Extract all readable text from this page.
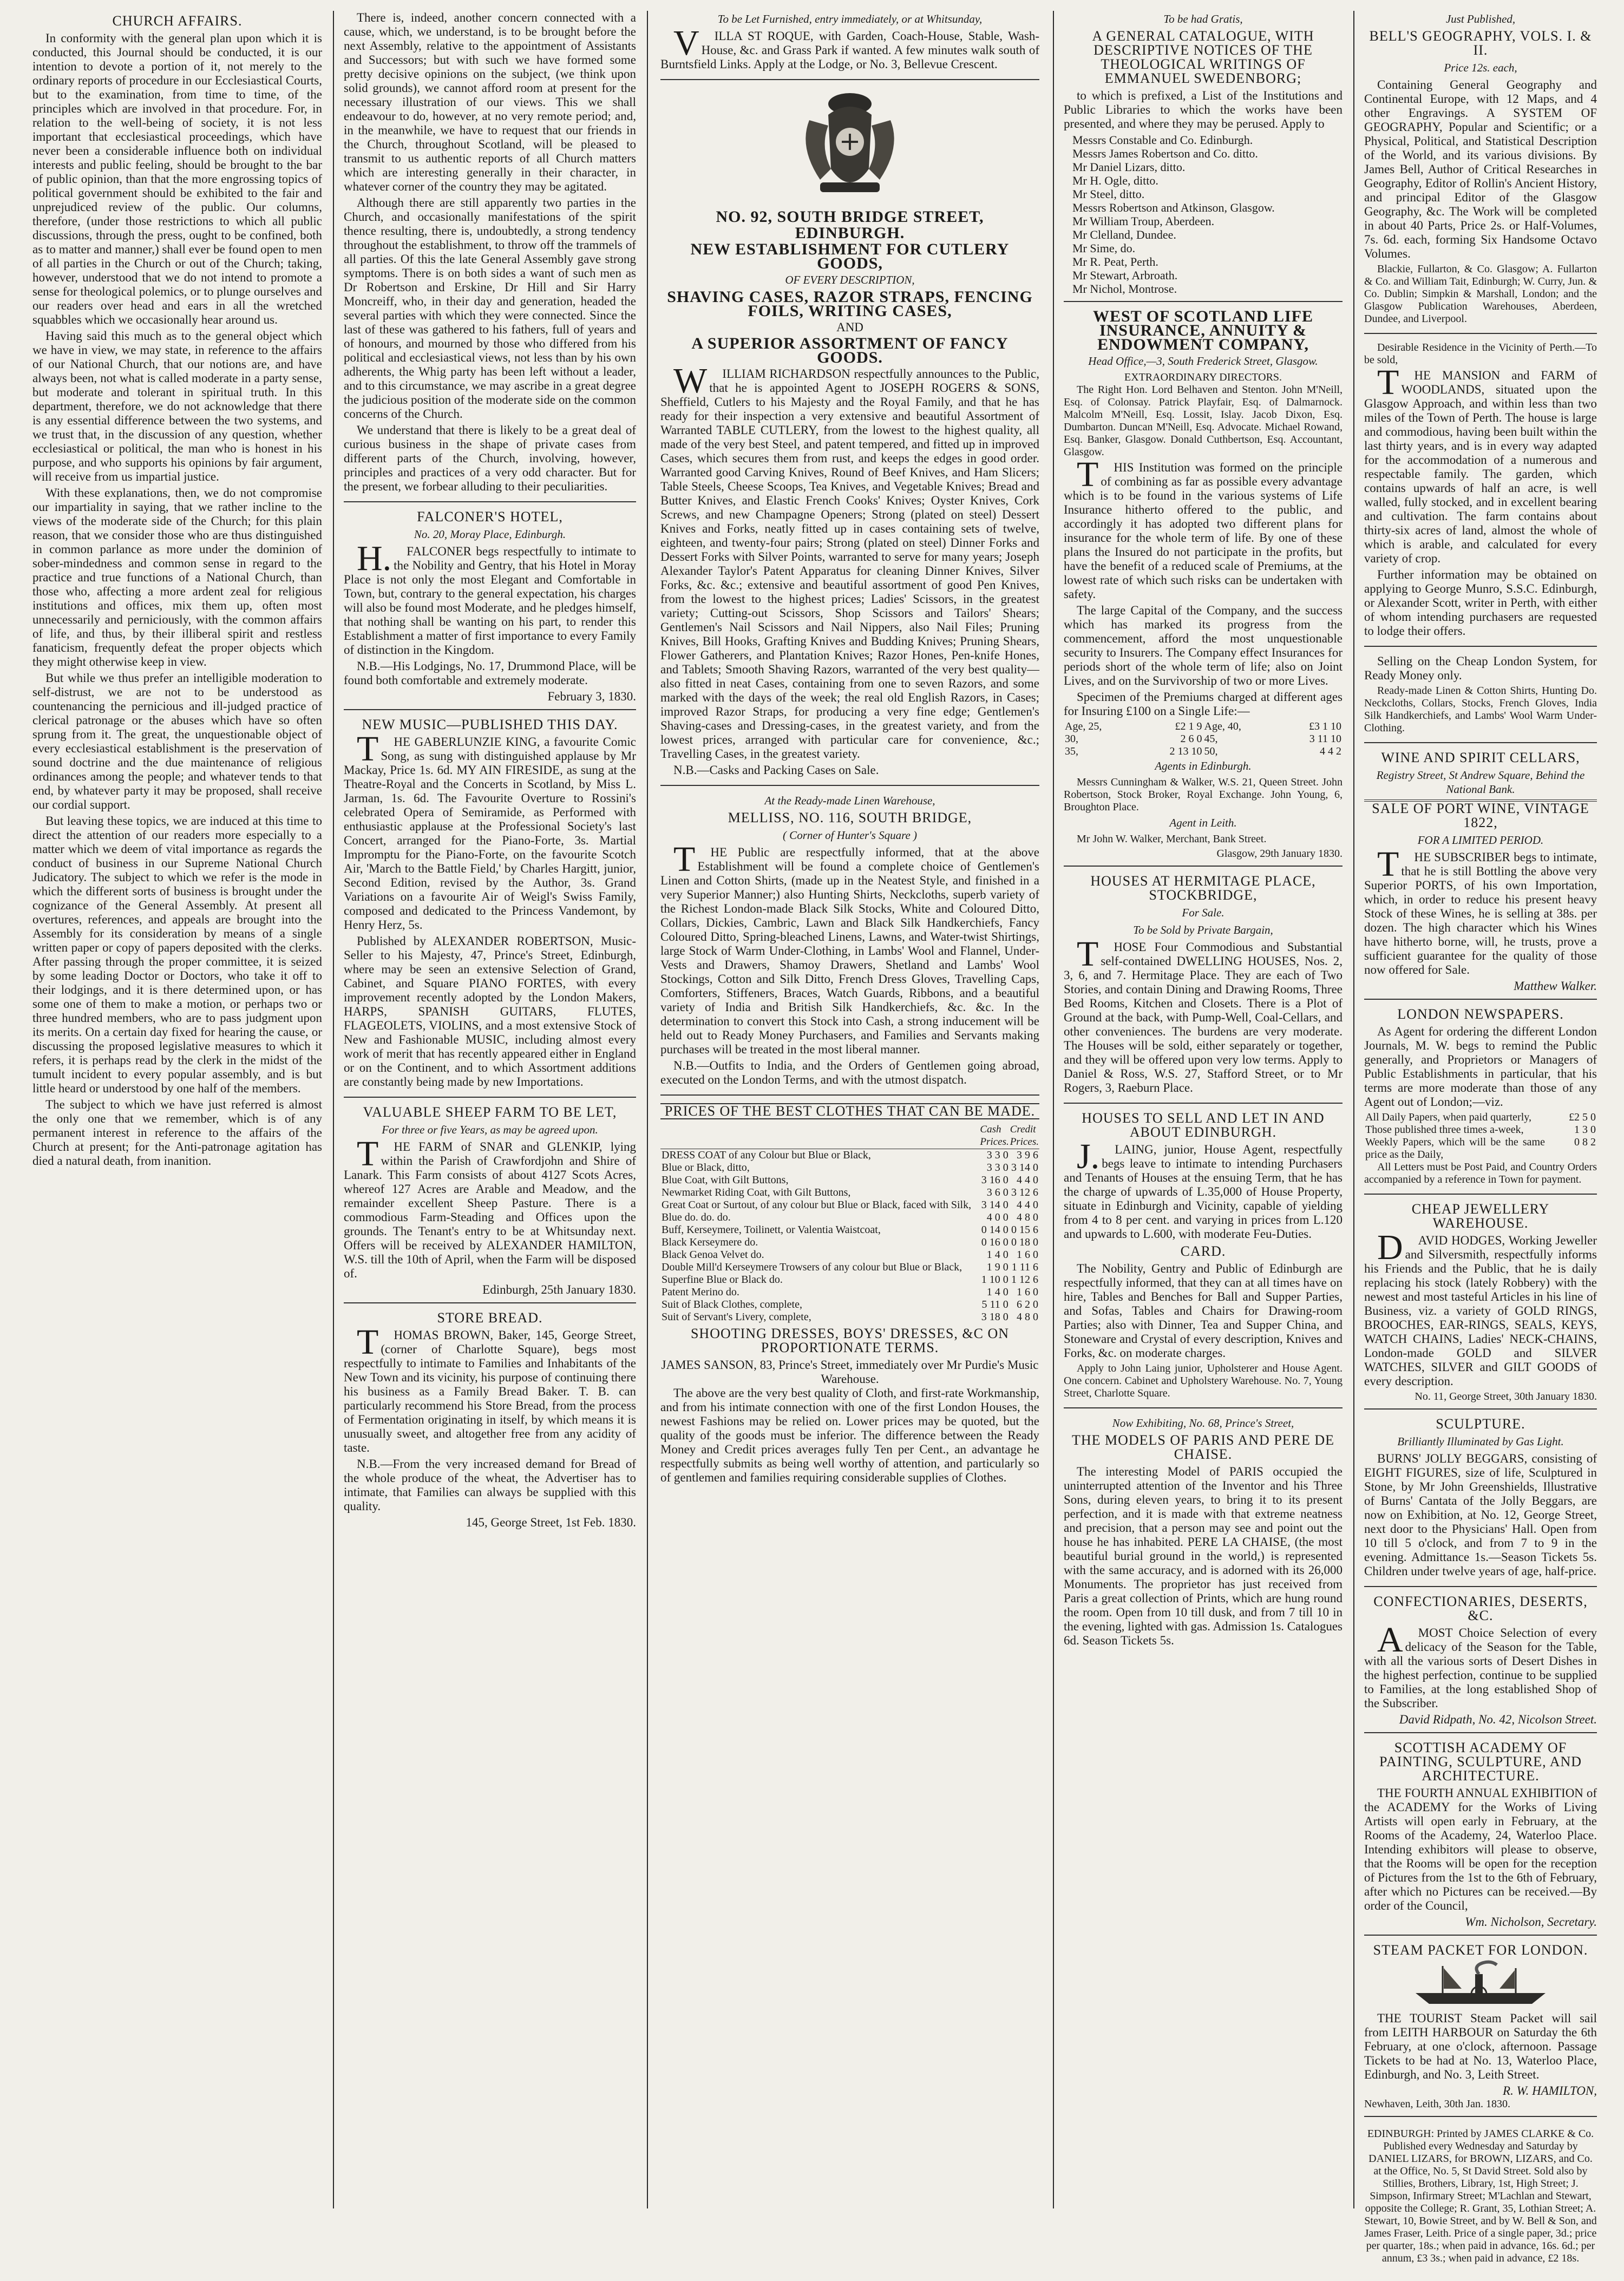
CHURCH AFFAIRS.

In conformity with the general plan upon which it is conducted, this Journal should be conducted, it is our intention to devote a portion of it, not merely to the ordinary reports of procedure in our Ecclesiastical Courts, but to the examination, from time to time, of the principles which are involved in that procedure. For, in relation to the well-being of society, it is not less important that ecclesiastical proceedings, which have never been a considerable influence both on individual interests and public feeling, should be brought to the bar of public opinion, than that the more engrossing topics of political government should be exhibited to the fair and unprejudiced review of the public. Our columns, therefore, (under those restrictions to which all public discussions, through the press, ought to be confined, both as to matter and manner,) shall ever be found open to men of all parties in the Church or out of the Church; taking, however, understood that we do not intend to promote a sense for theological polemics, or to plunge ourselves and our readers over head and ears in all the wretched squabbles which we occasionally hear around us.

Having said this much as to the general object which we have in view, we may state, in reference to the affairs of our National Church, that our notions are, and have always been, not what is called moderate in a party sense, but moderate and tolerant in spiritual truth. In this department, therefore, we do not acknowledge that there is any essential difference between the two systems, and we trust that, in the discussion of any question, whether ecclesiastical or political, the man who is honest in his purpose, and who supports his opinions by fair argument, will receive from us impartial justice.

With these explanations, then, we do not compromise our impartiality in saying, that we rather incline to the views of the moderate side of the Church; for this plain reason, that we consider those who are thus distinguished in common parlance as more under the dominion of sober-mindedness and common sense in regard to the practice and true functions of a National Church, than those who, affecting a more ardent zeal for religious institutions and offices, mix them up, often most unnecessarily and perniciously, with the common affairs of life, and thus, by their illiberal spirit and restless fanaticism, frequently defeat the proper objects which they might otherwise keep in view.

But while we thus prefer an intelligible moderation to self-distrust, we are not to be understood as countenancing the pernicious and ill-judged practice of clerical patronage or the abuses which have so often sprung from it. The great, the unquestionable object of every ecclesiastical establishment is the preservation of sound doctrine and the due maintenance of religious ordinances among the people; and whatever tends to that end, by whatever party it may be proposed, shall receive our cordial support.

But leaving these topics, we are induced at this time to direct the attention of our readers more especially to a matter which we deem of vital importance as regards the conduct of business in our Supreme National Church Judicatory. The subject to which we refer is the mode in which the different sorts of business is brought under the cognizance of the General Assembly. At present all overtures, references, and appeals are brought into the Assembly for its consideration by means of a single written paper or copy of papers deposited with the clerks. After passing through the proper committee, it is seized by some leading Doctor or Doctors, who take it off to their lodgings, and it is there determined upon, or has some one of them to make a motion, or perhaps two or three hundred members, who are to pass judgment upon its merits. On a certain day fixed for hearing the cause, or discussing the proposed legislative measures to which it refers, it is perhaps read by the clerk in the midst of the tumult incident to every popular assembly, and is but little heard or understood by one half of the members.

The subject to which we have just referred is almost the only one that we remember, which is of any permanent interest in reference to the affairs of the Church at present; for the Anti-patronage agitation has died a natural death, from inanition.

There is, indeed, another concern connected with a cause, which, we understand, is to be brought before the next Assembly, relative to the appointment of Assistants and Successors; but with such we have formed some pretty decisive opinions on the subject, (we think upon solid grounds), we cannot afford room at present for the necessary illustration of our views. This we shall endeavour to do, however, at no very remote period; and, in the meanwhile, we have to request that our friends in the Church, throughout Scotland, will be pleased to transmit to us authentic reports of all Church matters which are interesting generally in their character, in whatever corner of the country they may be agitated.

Although there are still apparently two parties in the Church, and occasionally manifestations of the spirit thence resulting, there is, undoubtedly, a strong tendency throughout the establishment, to throw off the trammels of all parties. Of this the late General Assembly gave strong symptoms. There is on both sides a want of such men as Dr Robertson and Erskine, Dr Hill and Sir Harry Moncreiff, who, in their day and generation, headed the several parties with which they were connected. Since the last of these was gathered to his fathers, full of years and of honours, and mourned by those who differed from his political and ecclesiastical views, not less than by his own adherents, the Whig party has been left without a leader, and to this circumstance, we may ascribe in a great degree the judicious position of the moderate side on the common concerns of the Church.

We understand that there is likely to be a great deal of curious business in the shape of private cases from different parts of the Church, involving, however, principles and practices of a very odd character. But for the present, we forbear alluding to their peculiarities.

FALCONER'S HOTEL,
No. 20, Moray Place, Edinburgh.

H.FALCONER begs respectfully to intimate to the Nobility and Gentry, that his Hotel in Moray Place is not only the most Elegant and Comfortable in Town, but, contrary to the general expectation, his charges will also be found most Moderate, and he pledges himself, that nothing shall be wanting on his part, to render this Establishment a matter of first importance to every Family of distinction in the Kingdom.

N.B.—His Lodgings, No. 17, Drummond Place, will be found both comfortable and extremely moderate.

February 3, 1830.
NEW MUSIC—PUBLISHED THIS DAY.

THE GABERLUNZIE KING, a favourite Comic Song, as sung with distinguished applause by Mr Mackay, Price 1s. 6d. MY AIN FIRESIDE, as sung at the Theatre-Royal and the Concerts in Scotland, by Miss L. Jarman, 1s. 6d. The Favourite Overture to Rossini's celebrated Opera of Semiramide, as Performed with enthusiastic applause at the Professional Society's last Concert, arranged for the Piano-Forte, 3s. Martial Impromptu for the Piano-Forte, on the favourite Scotch Air, 'March to the Battle Field,' by Charles Hargitt, junior, Second Edition, revised by the Author, 3s. Grand Variations on a favourite Air of Weigl's Swiss Family, composed and dedicated to the Princess Vandemont, by Henry Herz, 5s.

Published by ALEXANDER ROBERTSON, Music-Seller to his Majesty, 47, Prince's Street, Edinburgh, where may be seen an extensive Selection of Grand, Cabinet, and Square PIANO FORTES, with every improvement recently adopted by the London Makers, HARPS, SPANISH GUITARS, FLUTES, FLAGEOLETS, VIOLINS, and a most extensive Stock of New and Fashionable MUSIC, including almost every work of merit that has recently appeared either in England or on the Continent, and to which Assortment additions are constantly being made by new Importations.

VALUABLE SHEEP FARM TO BE LET,
For three or five Years, as may be agreed upon.

THE FARM of SNAR and GLENKIP, lying within the Parish of Crawfordjohn and Shire of Lanark. This Farm consists of about 4127 Scots Acres, whereof 127 Acres are Arable and Meadow, and the remainder excellent Sheep Pasture. There is a commodious Farm-Steading and Offices upon the grounds. The Tenant's entry to be at Whitsunday next. Offers will be received by ALEXANDER HAMILTON, W.S. till the 10th of April, when the Farm will be disposed of.

Edinburgh, 25th January 1830.
STORE BREAD.

THOMAS BROWN, Baker, 145, George Street, (corner of Charlotte Square), begs most respectfully to intimate to Families and Inhabitants of the New Town and its vicinity, his purpose of continuing there his business as a Family Bread Baker. T. B. can particularly recommend his Store Bread, from the process of Fermentation originating in itself, by which means it is unusually sweet, and altogether free from any acidity of taste.

N.B.—From the very increased demand for Bread of the whole produce of the wheat, the Advertiser has to intimate, that Families can always be supplied with this quality.

145, George Street, 1st Feb. 1830.
To be Let Furnished, entry immediately, or at Whitsunday,

VILLA ST ROQUE, with Garden, Coach-House, Stable, Wash-House, &c. and Grass Park if wanted. A few minutes walk south of Burntsfield Links. Apply at the Lodge, or No. 3, Bellevue Crescent.

NO. 92, SOUTH BRIDGE STREET,
EDINBURGH.
NEW ESTABLISHMENT FOR CUTLERY GOODS,
OF EVERY DESCRIPTION,
SHAVING CASES, RAZOR STRAPS, FENCING FOILS, WRITING CASES,
AND
A SUPERIOR ASSORTMENT OF FANCY GOODS.

WILLIAM RICHARDSON respectfully announces to the Public, that he is appointed Agent to JOSEPH ROGERS & SONS, Sheffield, Cutlers to his Majesty and the Royal Family, and that he has ready for their inspection a very extensive and beautiful Assortment of Warranted TABLE CUTLERY, from the lowest to the highest quality, all made of the very best Steel, and patent tempered, and fitted up in improved Cases, which secures them from rust, and keeps the edges in good order. Warranted good Carving Knives, Round of Beef Knives, and Ham Slicers; Table Steels, Cheese Scoops, Tea Knives, and Vegetable Knives; Bread and Butter Knives, and Elastic French Cooks' Knives; Oyster Knives, Cork Screws, and new Champagne Openers; Strong (plated on steel) Dessert Knives and Forks, neatly fitted up in cases containing sets of twelve, eighteen, and twenty-four pairs; Strong (plated on steel) Dinner Forks and Dessert Forks with Silver Points, warranted to serve for many years; Joseph Alexander Taylor's Patent Apparatus for cleaning Dinner Knives, Silver Forks, &c. &c.; extensive and beautiful assortment of good Pen Knives, from the lowest to the highest prices; Ladies' Scissors, in the greatest variety; Cutting-out Scissors, Shop Scissors and Tailors' Shears; Gentlemen's Nail Scissors and Nail Nippers, also Nail Files; Pruning Knives, Bill Hooks, Grafting Knives and Budding Knives; Pruning Shears, Flower Gatherers, and Plantation Knives; Razor Hones, Pen-knife Hones, and Tablets; Smooth Shaving Razors, warranted of the very best quality—also fitted in neat Cases, containing from one to seven Razors, and some marked with the days of the week; the real old English Razors, in Cases; improved Razor Straps, for producing a very fine edge; Gentlemen's Shaving-cases and Dressing-cases, in the greatest variety, and from the lowest prices, arranged with particular care for convenience, &c.; Travelling Cases, in the greatest variety.

N.B.—Casks and Packing Cases on Sale.

At the Ready-made Linen Warehouse,
MELLISS, NO. 116, SOUTH BRIDGE,
( Corner of Hunter's Square )

THE Public are respectfully informed, that at the above Establishment will be found a complete choice of Gentlemen's Linen and Cotton Shirts, (made up in the Neatest Style, and finished in a very Superior Manner;) also Hunting Shirts, Neckcloths, superb variety of the Richest London-made Black Silk Stocks, White and Coloured Ditto, Collars, Dickies, Cambric, Lawn and Black Silk Handkerchiefs, Fancy Coloured Ditto, Spring-bleached Linens, Lawns, and Water-twist Shirtings, large Stock of Warm Under-Clothing, in Lambs' Wool and Flannel, Under-Vests and Drawers, Shamoy Drawers, Shetland and Lambs' Wool Stockings, Cotton and Silk Ditto, French Dress Gloves, Travelling Caps, Comforters, Stiffeners, Braces, Watch Guards, Ribbons, and a beautiful variety of India and British Silk Handkerchiefs, &c. &c. In the determination to convert this Stock into Cash, a strong inducement will be held out to Ready Money Purchasers, and Families and Servants making purchases will be treated in the most liberal manner.

N.B.—Outfits to India, and the Orders of Gentlemen going abroad, executed on the London Terms, and with the utmost dispatch.

PRICES OF THE BEST CLOTHES THAT CAN BE MADE.
	Cash Prices.	Credit Prices.
DRESS COAT of any Colour but Blue or Black,	3 3 0	3 9 6
Blue or Black, ditto,	3 3 0	3 14 0
Blue Coat, with Gilt Buttons,	3 16 0	4 4 0
Newmarket Riding Coat, with Gilt Buttons,	3 6 0	3 12 6
Great Coat or Surtout, of any colour but Blue or Black, faced with Silk,	3 14 0	4 4 0
Blue do. do. do.	4 0 0	4 8 0
Buff, Kerseymere, Toilinett, or Valentia Waistcoat,	0 14 0	0 15 6
Black Kerseymere do.	0 16 0	0 18 0
Black Genoa Velvet do.	1 4 0	1 6 0
Double Mill'd Kerseymere Trowsers of any colour but Blue or Black,	1 9 0	1 11 6
Superfine Blue or Black do.	1 10 0	1 12 6
Patent Merino do.	1 4 0	1 6 0
Suit of Black Clothes, complete,	5 11 0	6 2 0
Suit of Servant's Livery, complete,	3 18 0	4 8 0
SHOOTING DRESSES, BOYS' DRESSES, &C ON PROPORTIONATE TERMS.
JAMES SANSON, 83, Prince's Street, immediately over Mr Purdie's Music Warehouse.

The above are the very best quality of Cloth, and first-rate Workmanship, and from his intimate connection with one of the first London Houses, the newest Fashions may be relied on. Lower prices may be quoted, but the quality of the goods must be inferior. The difference between the Ready Money and Credit prices averages fully Ten per Cent., an advantage he respectfully submits as being well worthy of attention, and particularly so of gentlemen and families requiring considerable supplies of Clothes.

To be had Gratis,
A GENERAL CATALOGUE, WITH DESCRIPTIVE NOTICES OF THE THEOLOGICAL WRITINGS OF EMMANUEL SWEDENBORG;

to which is prefixed, a List of the Institutions and Public Libraries to which the works have been presented, and where they may be perused. Apply to

Messrs Constable and Co. Edinburgh.

Messrs James Robertson and Co. ditto.

Mr Daniel Lizars, ditto.

Mr H. Ogle, ditto.

Mr Steel, ditto.

Messrs Robertson and Atkinson, Glasgow.

Mr William Troup, Aberdeen.

Mr Clelland, Dundee.

Mr Sime, do.

Mr R. Peat, Perth.

Mr Stewart, Arbroath.

Mr Nichol, Montrose.

WEST OF SCOTLAND LIFE INSURANCE, ANNUITY & ENDOWMENT COMPANY,
Head Office,—3, South Frederick Street, Glasgow.
EXTRAORDINARY DIRECTORS.

The Right Hon. Lord Belhaven and Stenton. John M'Neill, Esq. of Colonsay. Patrick Playfair, Esq. of Dalmarnock. Malcolm M'Neill, Esq. Lossit, Islay. Jacob Dixon, Esq. Dumbarton. Duncan M'Neill, Esq. Advocate. Michael Rowand, Esq. Banker, Glasgow. Donald Cuthbertson, Esq. Accountant, Glasgow.

THIS Institution was formed on the principle of combining as far as possible every advantage which is to be found in the various systems of Life Insurance hitherto offered to the public, and accordingly it has adopted two different plans for insurance for the whole term of life. By one of these plans the Insured do not participate in the profits, but have the benefit of a reduced scale of Premiums, at the lowest rate of which such risks can be undertaken with safety.

The large Capital of the Company, and the success which has marked its progress from the commencement, afford the most unquestionable security to Insurers. The Company effect Insurances for periods short of the whole term of life; also on Joint Lives, and on the Survivorship of two or more Lives.

Specimen of the Premiums charged at different ages for Insuring £100 on a Single Life:—

Age, 25,	£2 1 9	Age, 40,	£3 1 10
30,	2 6 0	45,	3 11 10
35,	2 13 10	50,	4 4 2
Agents in Edinburgh.

Messrs Cunningham & Walker, W.S. 21, Queen Street. John Robertson, Stock Broker, Royal Exchange. John Young, 6, Broughton Place.

Agent in Leith.

Mr John W. Walker, Merchant, Bank Street.

Glasgow, 29th January 1830.
HOUSES AT HERMITAGE PLACE, STOCKBRIDGE,
For Sale.
To be Sold by Private Bargain,

THOSE Four Commodious and Substantial self-contained DWELLING HOUSES, Nos. 2, 3, 6, and 7. Hermitage Place. They are each of Two Stories, and contain Dining and Drawing Rooms, Three Bed Rooms, Kitchen and Closets. There is a Plot of Ground at the back, with Pump-Well, Coal-Cellars, and other conveniences. The burdens are very moderate. The Houses will be sold, either separately or together, and they will be offered upon very low terms. Apply to Daniel & Ross, W.S. 27, Stafford Street, or to Mr Rogers, 3, Raeburn Place.

HOUSES TO SELL AND LET IN AND ABOUT EDINBURGH.

J.LAING, junior, House Agent, respectfully begs leave to intimate to intending Purchasers and Tenants of Houses at the ensuing Term, that he has the charge of upwards of L.35,000 of House Property, situate in Edinburgh and Vicinity, capable of yielding from 4 to 8 per cent. and varying in prices from L.120 and upwards to L.600, with moderate Feu-Duties.

CARD.

The Nobility, Gentry and Public of Edinburgh are respectfully informed, that they can at all times have on hire, Tables and Benches for Ball and Supper Parties, and Sofas, Tables and Chairs for Drawing-room Parties; also with Dinner, Tea and Supper China, and Stoneware and Crystal of every description, Knives and Forks, &c. on moderate charges.

Apply to John Laing junior, Upholsterer and House Agent. One concern. Cabinet and Upholstery Warehouse. No. 7, Young Street, Charlotte Square.

Now Exhibiting, No. 68, Prince's Street,
THE MODELS OF PARIS AND PERE DE CHAISE.

The interesting Model of PARIS occupied the uninterrupted attention of the Inventor and his Three Sons, during eleven years, to bring it to its present perfection, and it is made with that extreme neatness and precision, that a person may see and point out the house he has inhabited. PERE LA CHAISE, (the most beautiful burial ground in the world,) is represented with the same accuracy, and is adorned with its 26,000 Monuments. The proprietor has just received from Paris a great collection of Prints, which are hung round the room. Open from 10 till dusk, and from 7 till 10 in the evening, lighted with gas. Admission 1s. Catalogues 6d. Season Tickets 5s.

Just Published,
BELL'S GEOGRAPHY, VOLS. I. & II.
Price 12s. each,

Containing General Geography and Continental Europe, with 12 Maps, and 4 other Engravings. A SYSTEM OF GEOGRAPHY, Popular and Scientific; or a Physical, Political, and Statistical Description of the World, and its various divisions. By James Bell, Author of Critical Researches in Geography, Editor of Rollin's Ancient History, and principal Editor of the Glasgow Geography, &c. The Work will be completed in about 40 Parts, Price 2s. or Half-Volumes, 7s. 6d. each, forming Six Handsome Octavo Volumes.

Blackie, Fullarton, & Co. Glasgow; A. Fullarton & Co. and William Tait, Edinburgh; W. Curry, Jun. & Co. Dublin; Simpkin & Marshall, London; and the Glasgow Publication Warehouses, Aberdeen, Dundee, and Liverpool.

Desirable Residence in the Vicinity of Perth.—To be sold,

THE MANSION and FARM of WOODLANDS, situated upon the Glasgow Approach, and within less than two miles of the Town of Perth. The house is large and commodious, having been built within the last thirty years, and is in every way adapted for the accommodation of a numerous and respectable family. The garden, which contains upwards of half an acre, is well walled, fully stocked, and in excellent bearing and cultivation. The farm contains about thirty-six acres of land, almost the whole of which is arable, and calculated for every variety of crop.

Further information may be obtained on applying to George Munro, S.S.C. Edinburgh, or Alexander Scott, writer in Perth, with either of whom intending purchasers are requested to lodge their offers.

Selling on the Cheap London System, for Ready Money only.

Ready-made Linen & Cotton Shirts, Hunting Do. Neckcloths, Collars, Stocks, French Gloves, India Silk Handkerchiefs, and Lambs' Wool Warm Under-Clothing.

WINE AND SPIRIT CELLARS,
Registry Street, St Andrew Square, Behind the National Bank.
SALE OF PORT WINE, VINTAGE 1822,
FOR A LIMITED PERIOD.

THE SUBSCRIBER begs to intimate, that he is still Bottling the above very Superior PORTS, of his own Importation, which, in order to reduce his present heavy Stock of these Wines, he is selling at 38s. per dozen. The high character which his Wines have hitherto borne, will, he trusts, prove a sufficient guarantee for the quality of those now offered for Sale.

Matthew Walker.
LONDON NEWSPAPERS.

As Agent for ordering the different London Journals, M. W. begs to remind the Public generally, and Proprietors or Managers of Public Establishments in particular, that his terms are more moderate than those of any Agent out of London;—viz.

All Daily Papers, when paid quarterly,	£2 5 0
Those published three times a-week,	1 3 0
Weekly Papers, which will be the same price as the Daily,	0 8 2

All Letters must be Post Paid, and Country Orders accompanied by a reference in Town for payment.

CHEAP JEWELLERY WAREHOUSE.

DAVID HODGES, Working Jeweller and Silversmith, respectfully informs his Friends and the Public, that he is daily replacing his stock (lately Robbery) with the newest and most tasteful Articles in his line of Business, viz. a variety of GOLD RINGS, BROOCHES, EAR-RINGS, SEALS, KEYS, WATCH CHAINS, Ladies' NECK-CHAINS, London-made GOLD and SILVER WATCHES, SILVER and GILT GOODS of every description.

No. 11, George Street, 30th January 1830.
SCULPTURE.
Brilliantly Illuminated by Gas Light.

BURNS' JOLLY BEGGARS, consisting of EIGHT FIGURES, size of life, Sculptured in Stone, by Mr John Greenshields, Illustrative of Burns' Cantata of the Jolly Beggars, are now on Exhibition, at No. 12, George Street, next door to the Physicians' Hall. Open from 10 till 5 o'clock, and from 7 to 9 in the evening. Admittance 1s.—Season Tickets 5s. Children under twelve years of age, half-price.

CONFECTIONARIES, DESERTS, &C.

AMOST Choice Selection of every delicacy of the Season for the Table, with all the various sorts of Desert Dishes in the highest perfection, continue to be supplied to Families, at the long established Shop of the Subscriber.

David Ridpath, No. 42, Nicolson Street.
SCOTTISH ACADEMY OF PAINTING, SCULPTURE, AND ARCHITECTURE.

THE FOURTH ANNUAL EXHIBITION of the ACADEMY for the Works of Living Artists will open early in February, at the Rooms of the Academy, 24, Waterloo Place. Intending exhibitors will please to observe, that the Rooms will be open for the reception of Pictures from the 1st to the 6th of February, after which no Pictures can be received.—By order of the Council,

Wm. Nicholson, Secretary.
STEAM PACKET FOR LONDON.

THE TOURIST Steam Packet will sail from LEITH HARBOUR on Saturday the 6th February, at one o'clock, afternoon. Passage Tickets to be had at No. 13, Waterloo Place, Edinburgh, and No. 3, Leith Street.

R. W. HAMILTON,
Newhaven, Leith, 30th Jan. 1830.

EDINBURGH: Printed by JAMES CLARKE & Co. Published every Wednesday and Saturday by DANIEL LIZARS, for BROWN, LIZARS, and Co. at the Office, No. 5, St David Street. Sold also by Stillies, Brothers, Library, 1st, High Street; J. Simpson, Infirmary Street; M'Lachlan and Stewart, opposite the College; R. Grant, 35, Lothian Street; A. Stewart, 10, Bowie Street, and by W. Bell & Son, and James Fraser, Leith. Price of a single paper, 3d.; price per quarter, 18s.; when paid in advance, 16s. 6d.; per annum, £3 3s.; when paid in advance, £2 18s.
